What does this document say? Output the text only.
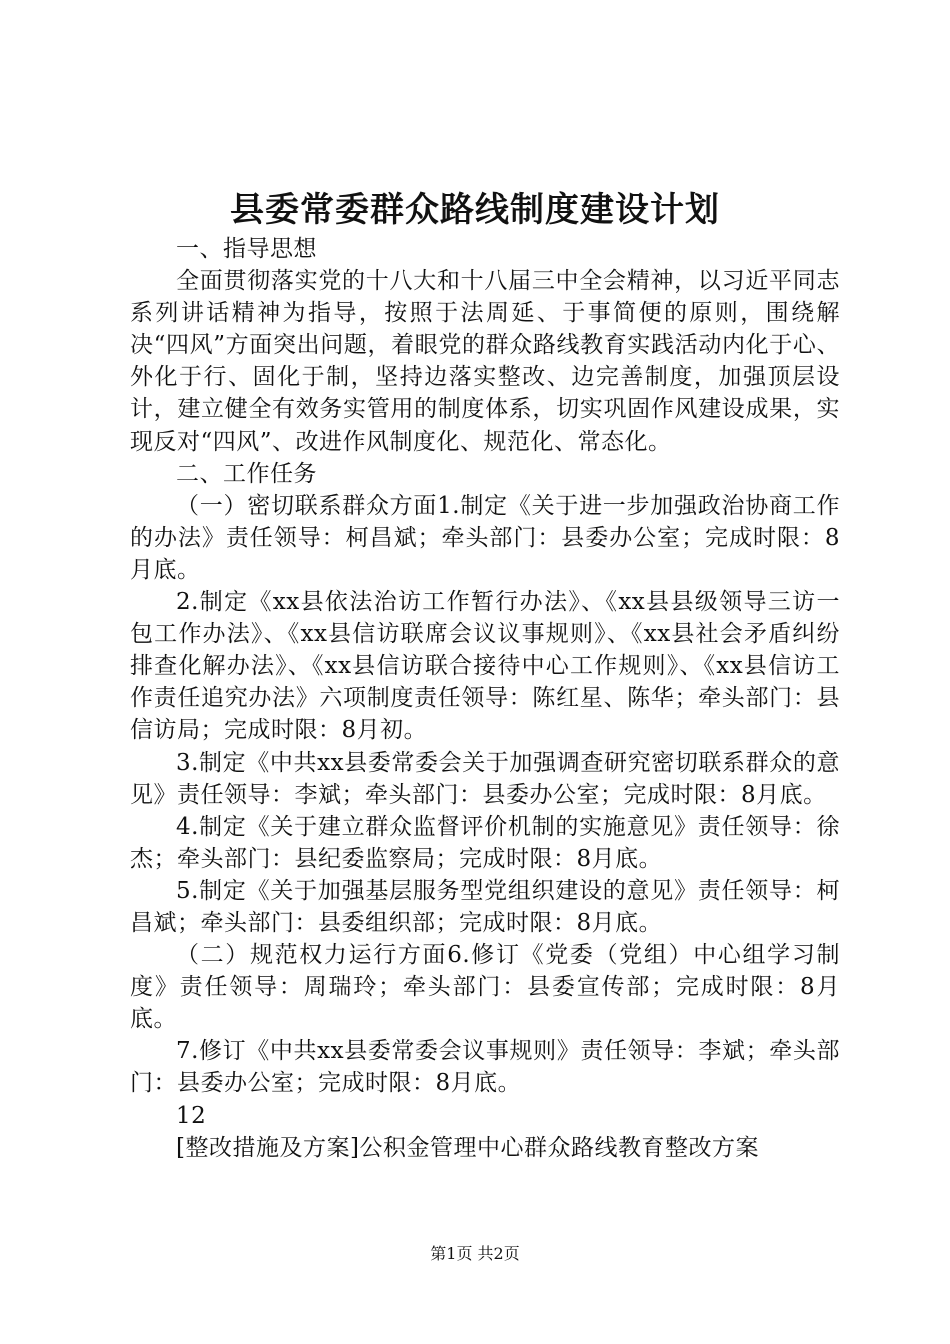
县委常委群众路线制度建设计划

一、指导思想

全面贯彻落实党的十八大和十八届三中全会精神，以习近平同志系列讲话精神为指导，按照于法周延、于事简便的原则，围绕解决“四风”方面突出问题，着眼党的群众路线教育实践活动内化于心、外化于行、固化于制，坚持边落实整改、边完善制度，加强顶层设计，建立健全有效务实管用的制度体系，切实巩固作风建设成果，实现反对“四风”、改进作风制度化、规范化、常态化。

二、工作任务

（一）密切联系群众方面1.制定《关于进一步加强政治协商工作的办法》责任领导：柯昌斌；牵头部门：县委办公室；完成时限：8月底。

2.制定《xx县依法治访工作暂行办法》、《xx县县级领导三访一包工作办法》、《xx县信访联席会议议事规则》、《xx县社会矛盾纠纷排查化解办法》、《xx县信访联合接待中心工作规则》、《xx县信访工作责任追究办法》六项制度责任领导：陈红星、陈华；牵头部门：县信访局；完成时限：8月初。

3.制定《中共xx县委常委会关于加强调查研究密切联系群众的意见》责任领导：李斌；牵头部门：县委办公室；完成时限：8月底。

4.制定《关于建立群众监督评价机制的实施意见》责任领导：徐杰；牵头部门：县纪委监察局；完成时限：8月底。

5.制定《关于加强基层服务型党组织建设的意见》责任领导：柯昌斌；牵头部门：县委组织部；完成时限：8月底。

（二）规范权力运行方面6.修订《党委（党组）中心组学习制度》责任领导：周瑞玲；牵头部门：县委宣传部；完成时限：8月底。

7.修订《中共xx县委常委会议事规则》责任领导：李斌；牵头部门：县委办公室；完成时限：8月底。

12

[整改措施及方案]公积金管理中心群众路线教育整改方案

第1页 共2页
